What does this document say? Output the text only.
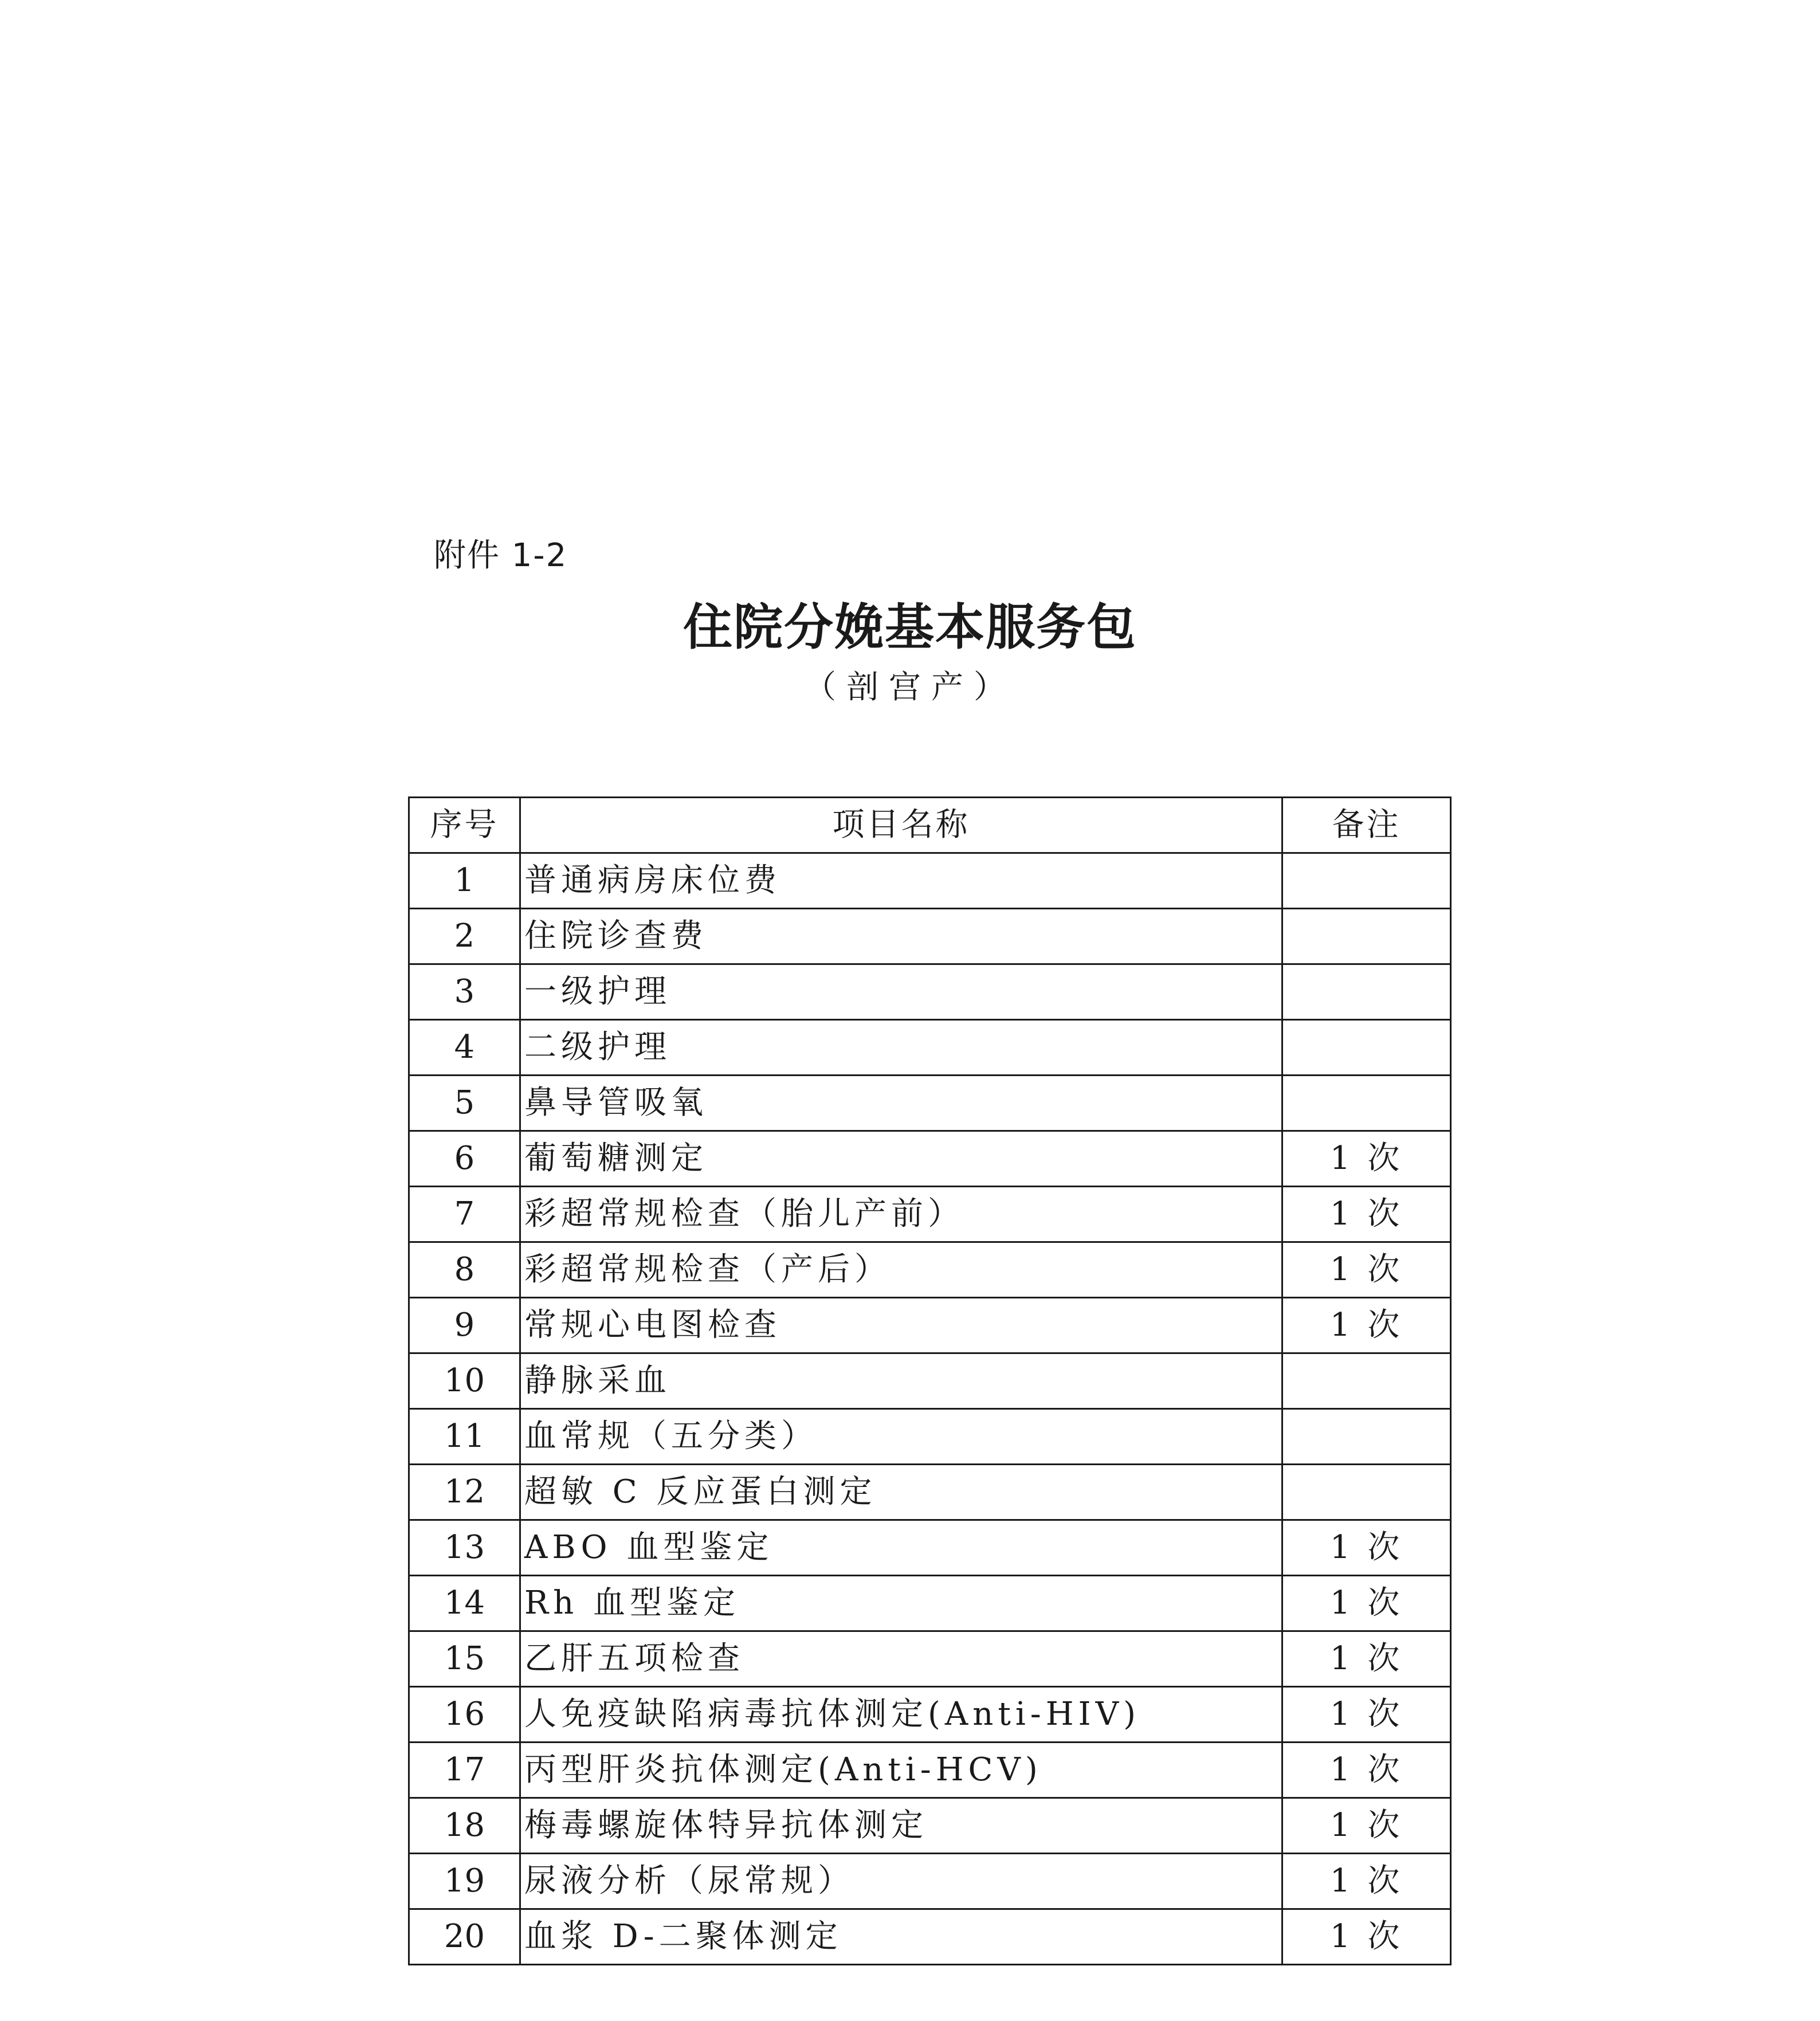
附件 1-2
住院分娩基本服务包
（剖宫产）
序号	项目名称	备注
1	普通病房床位费	
2	住院诊查费	
3	一级护理	
4	二级护理	
5	鼻导管吸氧	
6	葡萄糖测定	1 次
7	彩超常规检查（胎儿产前）	1 次
8	彩超常规检查（产后）	1 次
9	常规心电图检查	1 次
10	静脉采血	
11	血常规（五分类）	
12	超敏 C 反应蛋白测定	
13	ABO 血型鉴定	1 次
14	Rh 血型鉴定	1 次
15	乙肝五项检查	1 次
16	人免疫缺陷病毒抗体测定(Anti-HIV)	1 次
17	丙型肝炎抗体测定(Anti-HCV)	1 次
18	梅毒螺旋体特异抗体测定	1 次
19	尿液分析（尿常规）	1 次
20	血浆 D-二聚体测定	1 次
